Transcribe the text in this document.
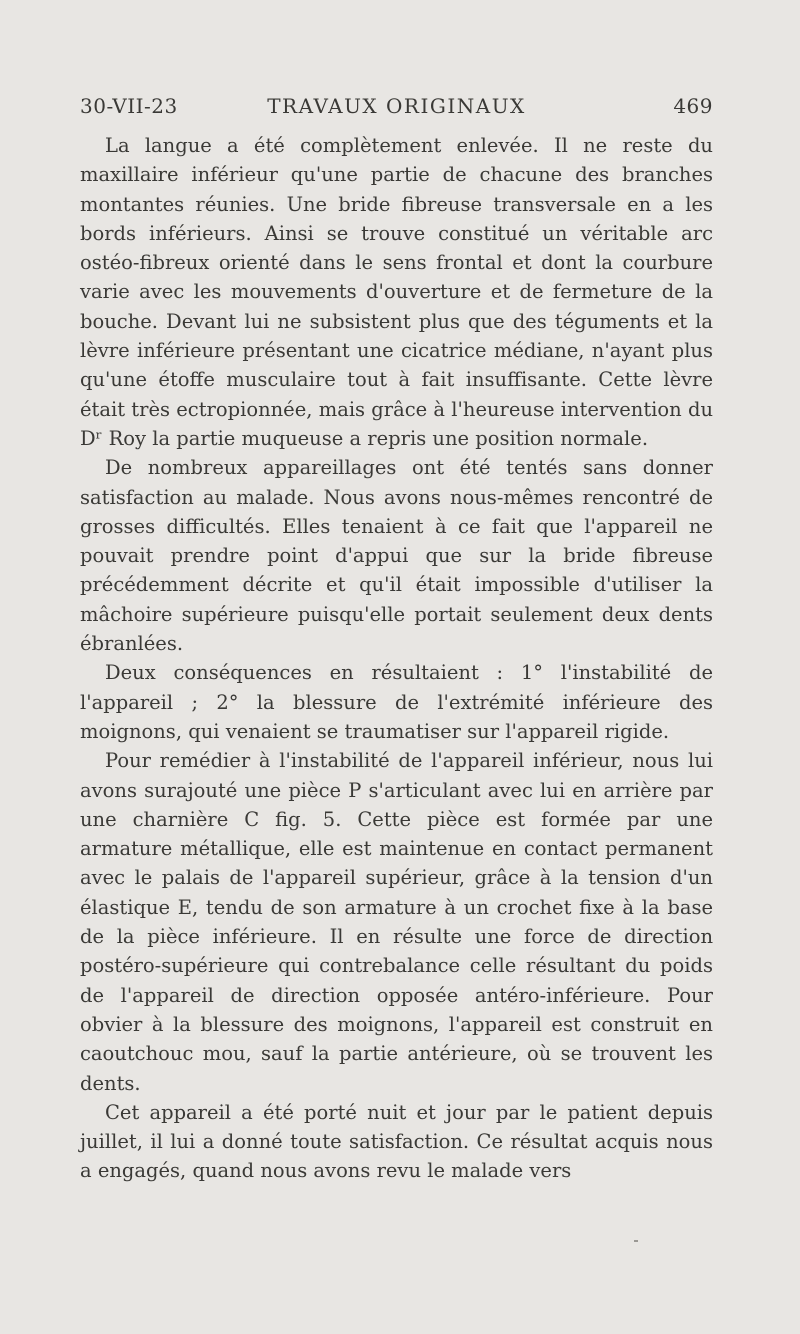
30-VII-23	TRAVAUX ORIGINAUX	469

La langue a été complètement enlevée. Il ne reste du maxillaire inférieur qu'une partie de chacune des branches montantes réunies. Une bride fibreuse transversale en a les bords inférieurs. Ainsi se trouve constitué un véritable arc ostéo-fibreux orienté dans le sens frontal et dont la courbure varie avec les mouvements d'ouverture et de fermeture de la bouche. Devant lui ne subsistent plus que des téguments et la lèvre inférieure présentant une cicatrice médiane, n'ayant plus qu'une étoffe musculaire tout à fait insuffisante. Cette lèvre était très ectropionnée, mais grâce à l'heureuse intervention du Dʳ Roy la partie muqueuse a repris une position normale.

De nombreux appareillages ont été tentés sans donner satisfaction au malade. Nous avons nous-mêmes rencontré de grosses difficultés. Elles tenaient à ce fait que l'appareil ne pouvait prendre point d'appui que sur la bride fibreuse précédemment décrite et qu'il était impossible d'utiliser la mâchoire supérieure puisqu'elle portait seulement deux dents ébranlées.

Deux conséquences en résultaient : 1° l'instabilité de l'appareil ; 2° la blessure de l'extrémité inférieure des moignons, qui venaient se traumatiser sur l'appareil rigide.

Pour remédier à l'instabilité de l'appareil inférieur, nous lui avons surajouté une pièce P s'articulant avec lui en arrière par une charnière C fig. 5. Cette pièce est formée par une armature métallique, elle est maintenue en contact permanent avec le palais de l'appareil supérieur, grâce à la tension d'un élastique E, tendu de son armature à un crochet fixe à la base de la pièce inférieure. Il en résulte une force de direction postéro-supérieure qui contrebalance celle résultant du poids de l'appareil de direction opposée antéro-inférieure. Pour obvier à la blessure des moignons, l'appareil est construit en caoutchouc mou, sauf la partie antérieure, où se trouvent les dents.

Cet appareil a été porté nuit et jour par le patient depuis juillet, il lui a donné toute satisfaction. Ce résultat acquis nous a engagés, quand nous avons revu le malade vers
